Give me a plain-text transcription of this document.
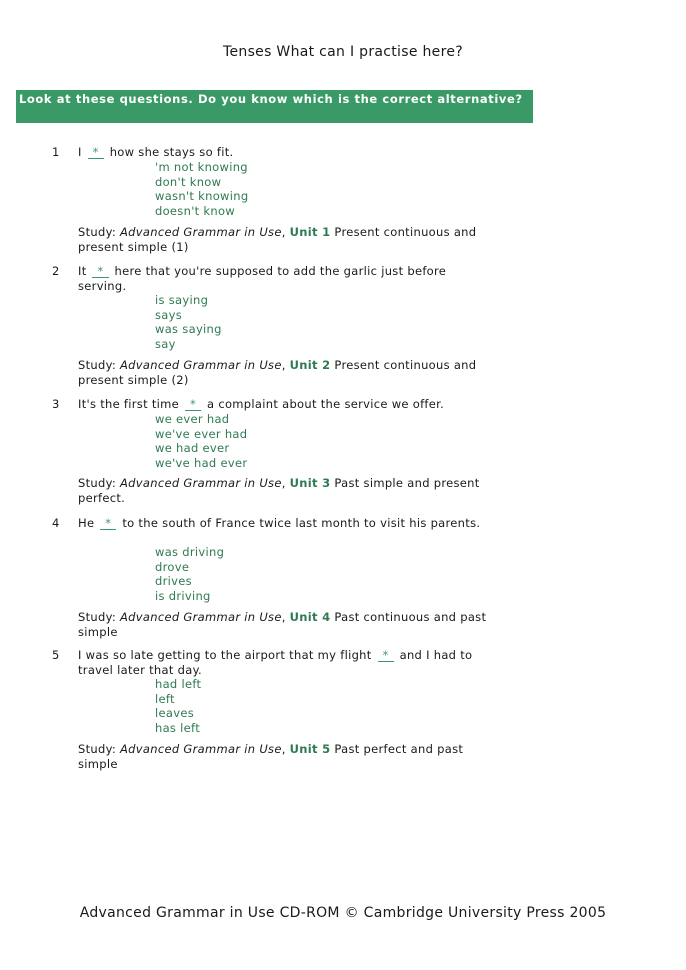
Tenses What can I practise here?
Look at these questions. Do you know which is the correct alternative?
1 I * how she stays so fit.
'm not knowing
don't know
wasn't knowing
doesn't know
Study: Advanced Grammar in Use, Unit 1 Present continuous and present simple (1)
2 It * here that you're supposed to add the garlic just before serving.
is saying
says
was saying
say
Study: Advanced Grammar in Use, Unit 2 Present continuous and present simple (2)
3 It's the first time * a complaint about the service we offer.
we ever had
we've ever had
we had ever
we've had ever
Study: Advanced Grammar in Use, Unit 3 Past simple and present perfect.
4 He * to the south of France twice last month to visit his parents.
was driving
drove
drives
is driving
Study: Advanced Grammar in Use, Unit 4 Past continuous and past simple
5 I was so late getting to the airport that my flight * and I had to travel later that day.
had left
left
leaves
has left
Study: Advanced Grammar in Use, Unit 5 Past perfect and past simple
Advanced Grammar in Use CD-ROM © Cambridge University Press 2005
